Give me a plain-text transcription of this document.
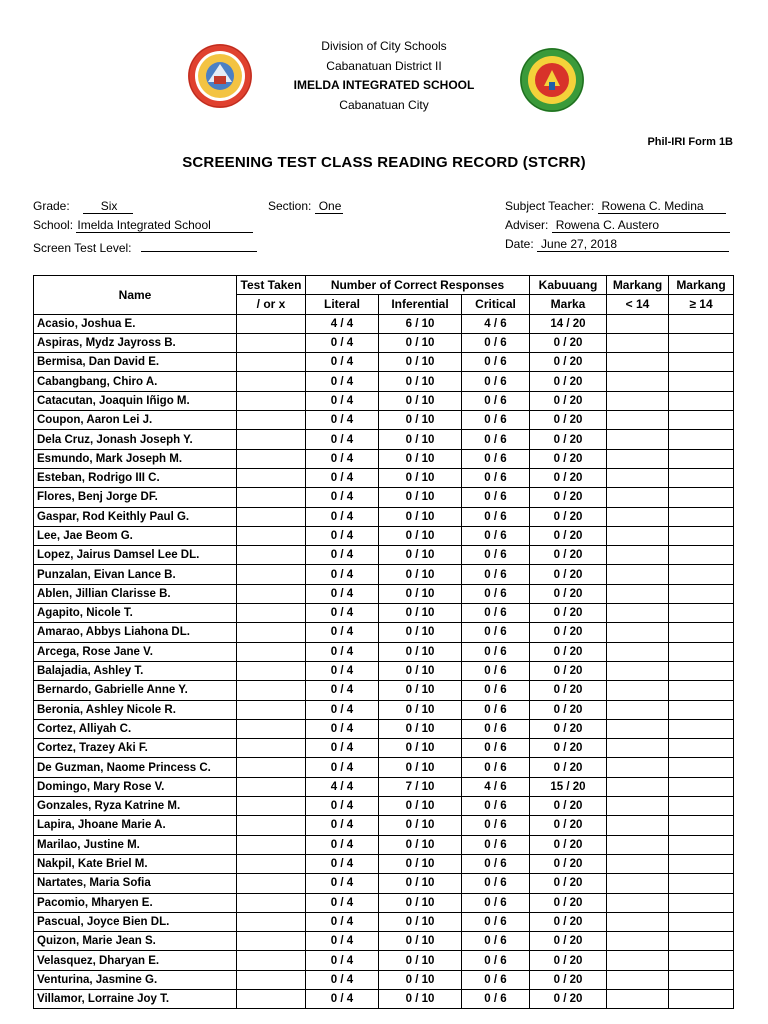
Division of City Schools
Cabanatuan District II
IMELDA INTEGRATED SCHOOL
Cabanatuan City
Phil-IRI Form 1B
SCREENING TEST CLASS READING RECORD (STCRR)
Grade:	Six	Section: One	Subject Teacher: Rowena C. Medina
School: Imelda Integrated School	Adviser: Rowena C. Austero
Screen Test Level:	Date: June 27, 2018
Name	Test Taken	Number of Correct Responses			Kabuuang	Markang	Markang
	/ or x	Literal	Inferential	Critical	Marka	< 14	≥ 14
Acasio, Joshua E.		4 / 4	6 / 10	4 / 6	14 / 20		
Aspiras, Mydz Jayross B.		0 / 4	0 / 10	0 / 6	0 / 20		
Bermisa, Dan David E.		0 / 4	0 / 10	0 / 6	0 / 20		
Cabangbang, Chiro A.		0 / 4	0 / 10	0 / 6	0 / 20		
Catacutan, Joaquin Iñigo M.		0 / 4	0 / 10	0 / 6	0 / 20		
Coupon, Aaron Lei J.		0 / 4	0 / 10	0 / 6	0 / 20		
Dela Cruz, Jonash Joseph Y.		0 / 4	0 / 10	0 / 6	0 / 20		
Esmundo, Mark Joseph M.		0 / 4	0 / 10	0 / 6	0 / 20		
Esteban, Rodrigo III C.		0 / 4	0 / 10	0 / 6	0 / 20		
Flores, Benj Jorge DF.		0 / 4	0 / 10	0 / 6	0 / 20		
Gaspar, Rod Keithly Paul G.		0 / 4	0 / 10	0 / 6	0 / 20		
Lee, Jae Beom G.		0 / 4	0 / 10	0 / 6	0 / 20		
Lopez, Jairus Damsel Lee DL.		0 / 4	0 / 10	0 / 6	0 / 20		
Punzalan, Eivan Lance B.		0 / 4	0 / 10	0 / 6	0 / 20		
Ablen, Jillian Clarisse B.		0 / 4	0 / 10	0 / 6	0 / 20		
Agapito, Nicole T.		0 / 4	0 / 10	0 / 6	0 / 20		
Amarao, Abbys Liahona DL.		0 / 4	0 / 10	0 / 6	0 / 20		
Arcega, Rose Jane V.		0 / 4	0 / 10	0 / 6	0 / 20		
Balajadia, Ashley T.		0 / 4	0 / 10	0 / 6	0 / 20		
Bernardo, Gabrielle Anne Y.		0 / 4	0 / 10	0 / 6	0 / 20		
Beronia, Ashley Nicole R.		0 / 4	0 / 10	0 / 6	0 / 20		
Cortez, Alliyah C.		0 / 4	0 / 10	0 / 6	0 / 20		
Cortez, Trazey Aki F.		0 / 4	0 / 10	0 / 6	0 / 20		
De Guzman, Naome Princess C.		0 / 4	0 / 10	0 / 6	0 / 20		
Domingo, Mary Rose V.		4 / 4	7 / 10	4 / 6	15 / 20		
Gonzales, Ryza Katrine M.		0 / 4	0 / 10	0 / 6	0 / 20		
Lapira, Jhoane Marie A.		0 / 4	0 / 10	0 / 6	0 / 20		
Marilao, Justine M.		0 / 4	0 / 10	0 / 6	0 / 20		
Nakpil, Kate Briel M.		0 / 4	0 / 10	0 / 6	0 / 20		
Nartates, Maria Sofia		0 / 4	0 / 10	0 / 6	0 / 20		
Pacomio, Mharyen E.		0 / 4	0 / 10	0 / 6	0 / 20		
Pascual, Joyce Bien DL.		0 / 4	0 / 10	0 / 6	0 / 20		
Quizon, Marie Jean S.		0 / 4	0 / 10	0 / 6	0 / 20		
Velasquez, Dharyan E.		0 / 4	0 / 10	0 / 6	0 / 20		
Venturina, Jasmine G.		0 / 4	0 / 10	0 / 6	0 / 20		
Villamor, Lorraine Joy T.		0 / 4	0 / 10	0 / 6	0 / 20		
